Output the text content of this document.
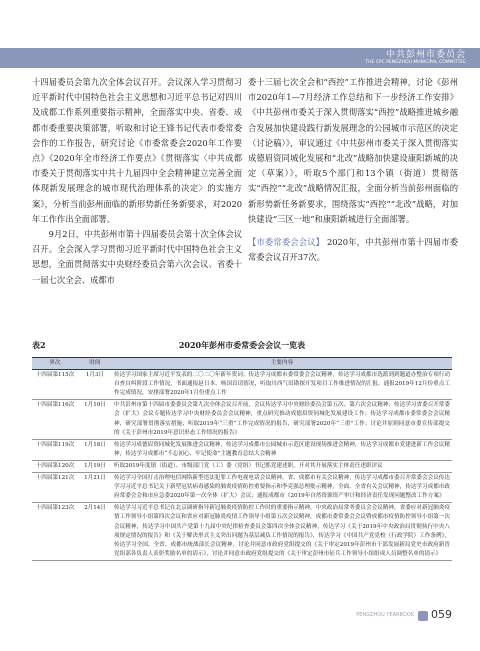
中共彭州市委员会
THE CPC PENGZHOU MUNICIPAL COMMITTEE

十四届委员会第九次全体会议召开。会议深入学习贯彻习近平新时代中国特色社会主义思想和习近平总书记对四川及成都工作系列重要指示精神，全面落实中央、省委、成都市委重要决策部署，听取和讨论王锋书记代表市委常委会作的工作报告，研究讨论《市委常委会2020年工作要点》《2020年全市经济工作要点》《贯彻落实〈中共成都市委关于贯彻落实中共十九届四中全会精神建立完善全面体现新发展理念的城市现代治理体系的决定〉的实施方案》，分析当前彭州面临的新形势新任务新要求，对2020年工作作出全面部署。

9月2日，中共彭州市第十四届委员会第十次全体会议召开。全会深入学习贯彻习近平新时代中国特色社会主义思想，全面贯彻落实中央财经委员会第六次会议、省委十一届七次全会、成都市

委十三届七次全会和“西控”工作推进会精神，讨论《彭州市2020年1—7月经济工作总结和下一步经济工作安排》《中共彭州市委关于深入贯彻落实“西控”战略推进城乡融合发展加快建设践行新发展理念的公园城市示范区的决定（讨论稿）》，审议通过《中共彭州市委关于深入贯彻落实成德眉资同城化发展和“北改”战略加快建设康阳新城的决定（草案）》，听取5个部门和13个镇（街道）贯彻落实“西控”“北改”战略情况汇报，全面分析当前彭州面临的新形势新任务新要求，围绕落实“西控”“北改”战略，对加快建设“三区一地”和康阳新城进行全面部署。

【市委常委会会议】 2020年，中共彭州市第十四届市委常委会议召开37次。

表2	2020年彭州市委常委会会议一览表
界次	时间	主要内容
十四届第115次	1月3日	传达学习国家主席习近平发表的二〇二〇年新年贺词；传达学习成都市委常委会会议精神，传达学习成都市选派到到题道办整治专项行动自查自纠阶段工作情况，书面通报赵日本、杨国首请情况，听取川西气田勘探开发项目工作推进情况的汇报，通报2019年12月份重点工作完成情况，安排部署2020年1月份重点工作
十四届第116次	1月10日	中共彭州市第十四届市委委员会第九次全体会议召开前，会议传达学习中央财经委员会第五次、第六次会议精神；传达学习省委召开常委会（扩大）会议专题传达学习中央财经委员会会议精神，重点研究推动成德眉资同城化发展建设工作；传达学习成都市委常委会会议精神，研究部署贯彻落实措施；听取2019年“三重”工作完成情况的报告，研究部署2020年“三重”工作；讨论并原则同意市委宣传部提交的《关于彭州市2019年意识形态工作情况的报告》
十四届第119次	1月18日	传达学习成德眉资同城化发展推进会议精神，传达学习成都市公园城市示范区建设现场推进会精神，传达学习成都市党建进新工作会议精神，传达学习成都市“不忘初心、牢记使命”主题教育总结大会精神
十四届第120次	1月19日	听取2019年度镇（街道）、市级部门党（工）委（党组）书记抓党建述职，开对其开展落实主体责任述职评议
十四届第121次	1月21日	传达学习全国打击治理电信网络新型违法犯罪工作电视电话会议精神，省、成都市有关会议精神，传达学习成都市委召开常委会会议传达学习习近平总书记关于新型冠状病毒感染的肺炎疫情防控重要指示和李克强总理批示精神，全面、全省有关会议精神，传达学习成都市政府常委会会和市应急委2020年第一次全体（扩大）会议；通报成都市《2019年自然资源资产审计和经济责任发现问题整改工作方案》
十四届第123次	2月14日	传达学习习近平总书记在北京调研指导新冠肺炎疫情防控工作时的重要指示精神，中央政治局常务委员会会议精神，省委应对新冠肺炎疫情工作领导小组第四次会议和省应对新冠肺炎疫情工作领导小组第五次会议精神，成都市委常委会会议暨成都市疫情防控领导小组第一次会议精神，传达学习中国共产党第十九届中央纪律检查委员会第四次全体会议精神，传达学习《关于2019年中央政治局贯彻执行中央八项规定情况的报告》和《关于解决形式主义突出问题为基层减负工作情况的报告》，传达学习《中国共产党党校（行政学院）工作条例》，传达学习全国、全省、成都市统战部长会议精神，讨论并同意市政府党组提交的《关于审定2019年彭州市干部发展新局党史市政府新晋党组部各负责人表彰奖励名单的请示》，讨论并同意市政府党组提交的《关于审定彭州市征兵工作领导小组组成人员调整名单的请示》
PENGZHOU YEARBOOK 059
